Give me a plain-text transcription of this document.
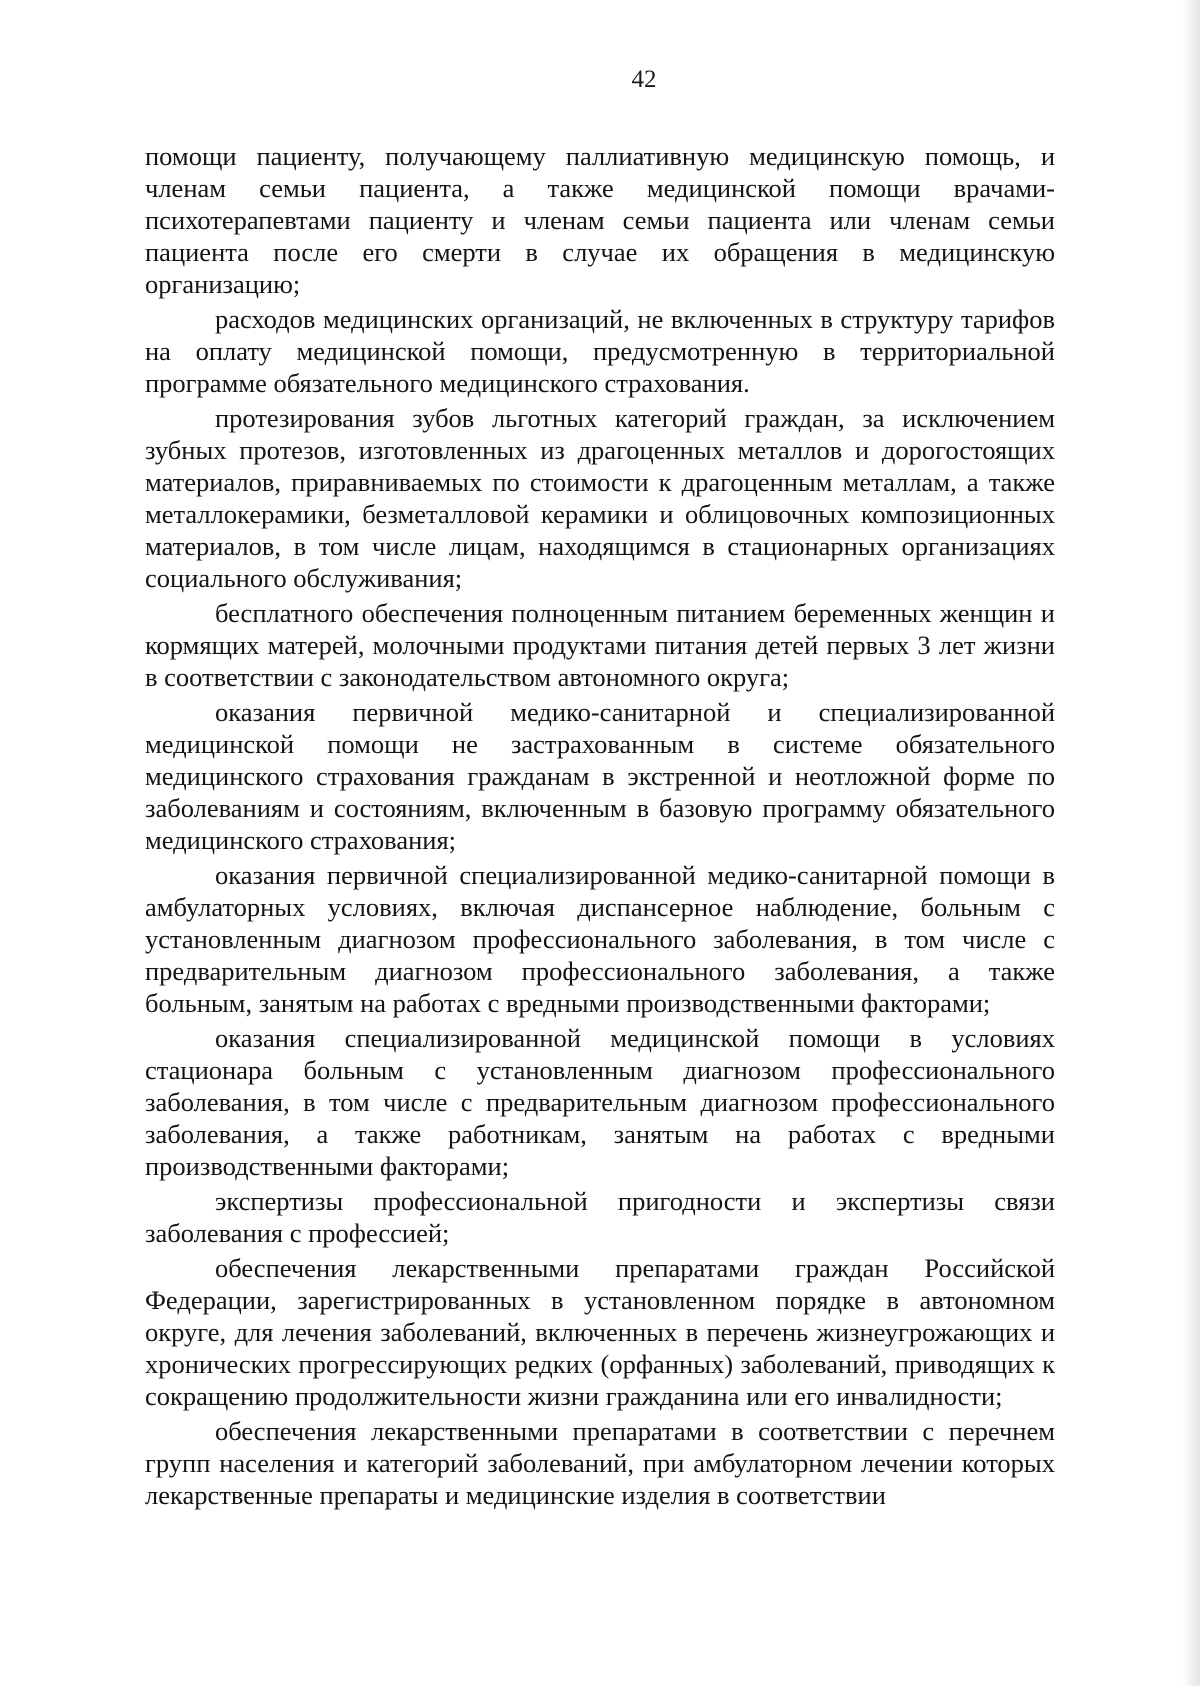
42

помощи пациенту, получающему паллиативную медицинскую помощь, и членам семьи пациента, а также медицинской помощи врачами-психотерапевтами пациенту и членам семьи пациента или членам семьи пациента после его смерти в случае их обращения в медицинскую организацию;

расходов медицинских организаций, не включенных в структуру тарифов на оплату медицинской помощи, предусмотренную в территориальной программе обязательного медицинского страхования.

протезирования зубов льготных категорий граждан, за исключением зубных протезов, изготовленных из драгоценных металлов и дорогостоящих материалов, приравниваемых по стоимости к драгоценным металлам, а также металлокерамики, безметалловой керамики и облицовочных композиционных материалов, в том числе лицам, находящимся в стационарных организациях социального обслуживания;

бесплатного обеспечения полноценным питанием беременных женщин и кормящих матерей, молочными продуктами питания детей первых 3 лет жизни в соответствии с законодательством автономного округа;

оказания первичной медико-санитарной и специализированной медицинской помощи не застрахованным в системе обязательного медицинского страхования гражданам в экстренной и неотложной форме по заболеваниям и состояниям, включенным в базовую программу обязательного медицинского страхования;

оказания первичной специализированной медико-санитарной помощи в амбулаторных условиях, включая диспансерное наблюдение, больным с установленным диагнозом профессионального заболевания, в том числе с предварительным диагнозом профессионального заболевания, а также больным, занятым на работах с вредными производственными факторами;

оказания специализированной медицинской помощи в условиях стационара больным с установленным диагнозом профессионального заболевания, в том числе с предварительным диагнозом профессионального заболевания, а также работникам, занятым на работах с вредными производственными факторами;

экспертизы профессиональной пригодности и экспертизы связи заболевания с профессией;

обеспечения лекарственными препаратами граждан Российской Федерации, зарегистрированных в установленном порядке в автономном округе, для лечения заболеваний, включенных в перечень жизнеугрожающих и хронических прогрессирующих редких (орфанных) заболеваний, приводящих к сокращению продолжительности жизни гражданина или его инвалидности;

обеспечения лекарственными препаратами в соответствии с перечнем групп населения и категорий заболеваний, при амбулаторном лечении которых лекарственные препараты и медицинские изделия в соответствии
